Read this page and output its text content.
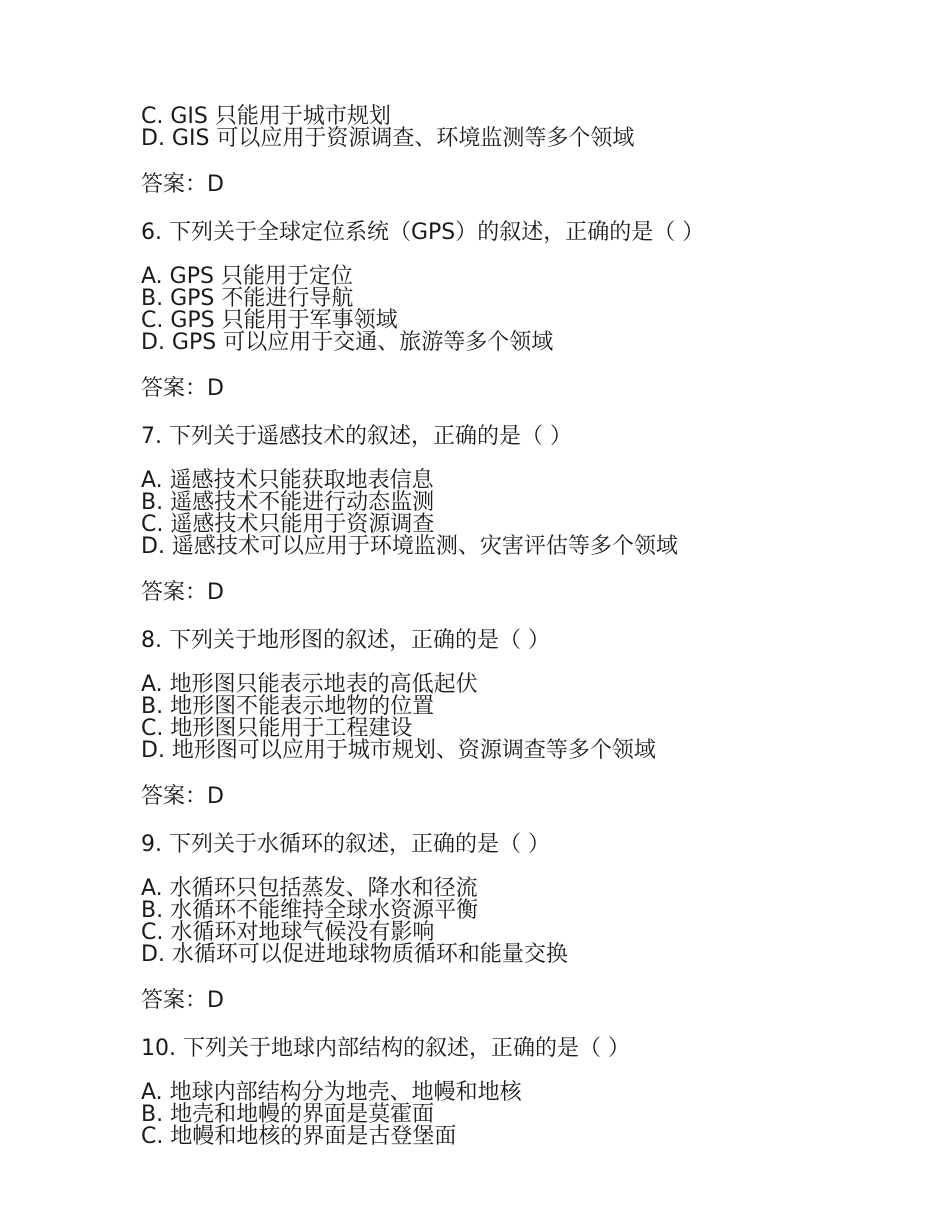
C. GIS 只能用于城市规划
D. GIS 可以应用于资源调查、环境监测等多个领域
答案：D
6. 下列关于全球定位系统（GPS）的叙述，正确的是（ ）
A. GPS 只能用于定位
B. GPS 不能进行导航
C. GPS 只能用于军事领域
D. GPS 可以应用于交通、旅游等多个领域
答案：D
7. 下列关于遥感技术的叙述，正确的是（ ）
A. 遥感技术只能获取地表信息
B. 遥感技术不能进行动态监测
C. 遥感技术只能用于资源调查
D. 遥感技术可以应用于环境监测、灾害评估等多个领域
答案：D
8. 下列关于地形图的叙述，正确的是（ ）
A. 地形图只能表示地表的高低起伏
B. 地形图不能表示地物的位置
C. 地形图只能用于工程建设
D. 地形图可以应用于城市规划、资源调查等多个领域
答案：D
9. 下列关于水循环的叙述，正确的是（ ）
A. 水循环只包括蒸发、降水和径流
B. 水循环不能维持全球水资源平衡
C. 水循环对地球气候没有影响
D. 水循环可以促进地球物质循环和能量交换
答案：D
10. 下列关于地球内部结构的叙述，正确的是（ ）
A. 地球内部结构分为地壳、地幔和地核
B. 地壳和地幔的界面是莫霍面
C. 地幔和地核的界面是古登堡面
